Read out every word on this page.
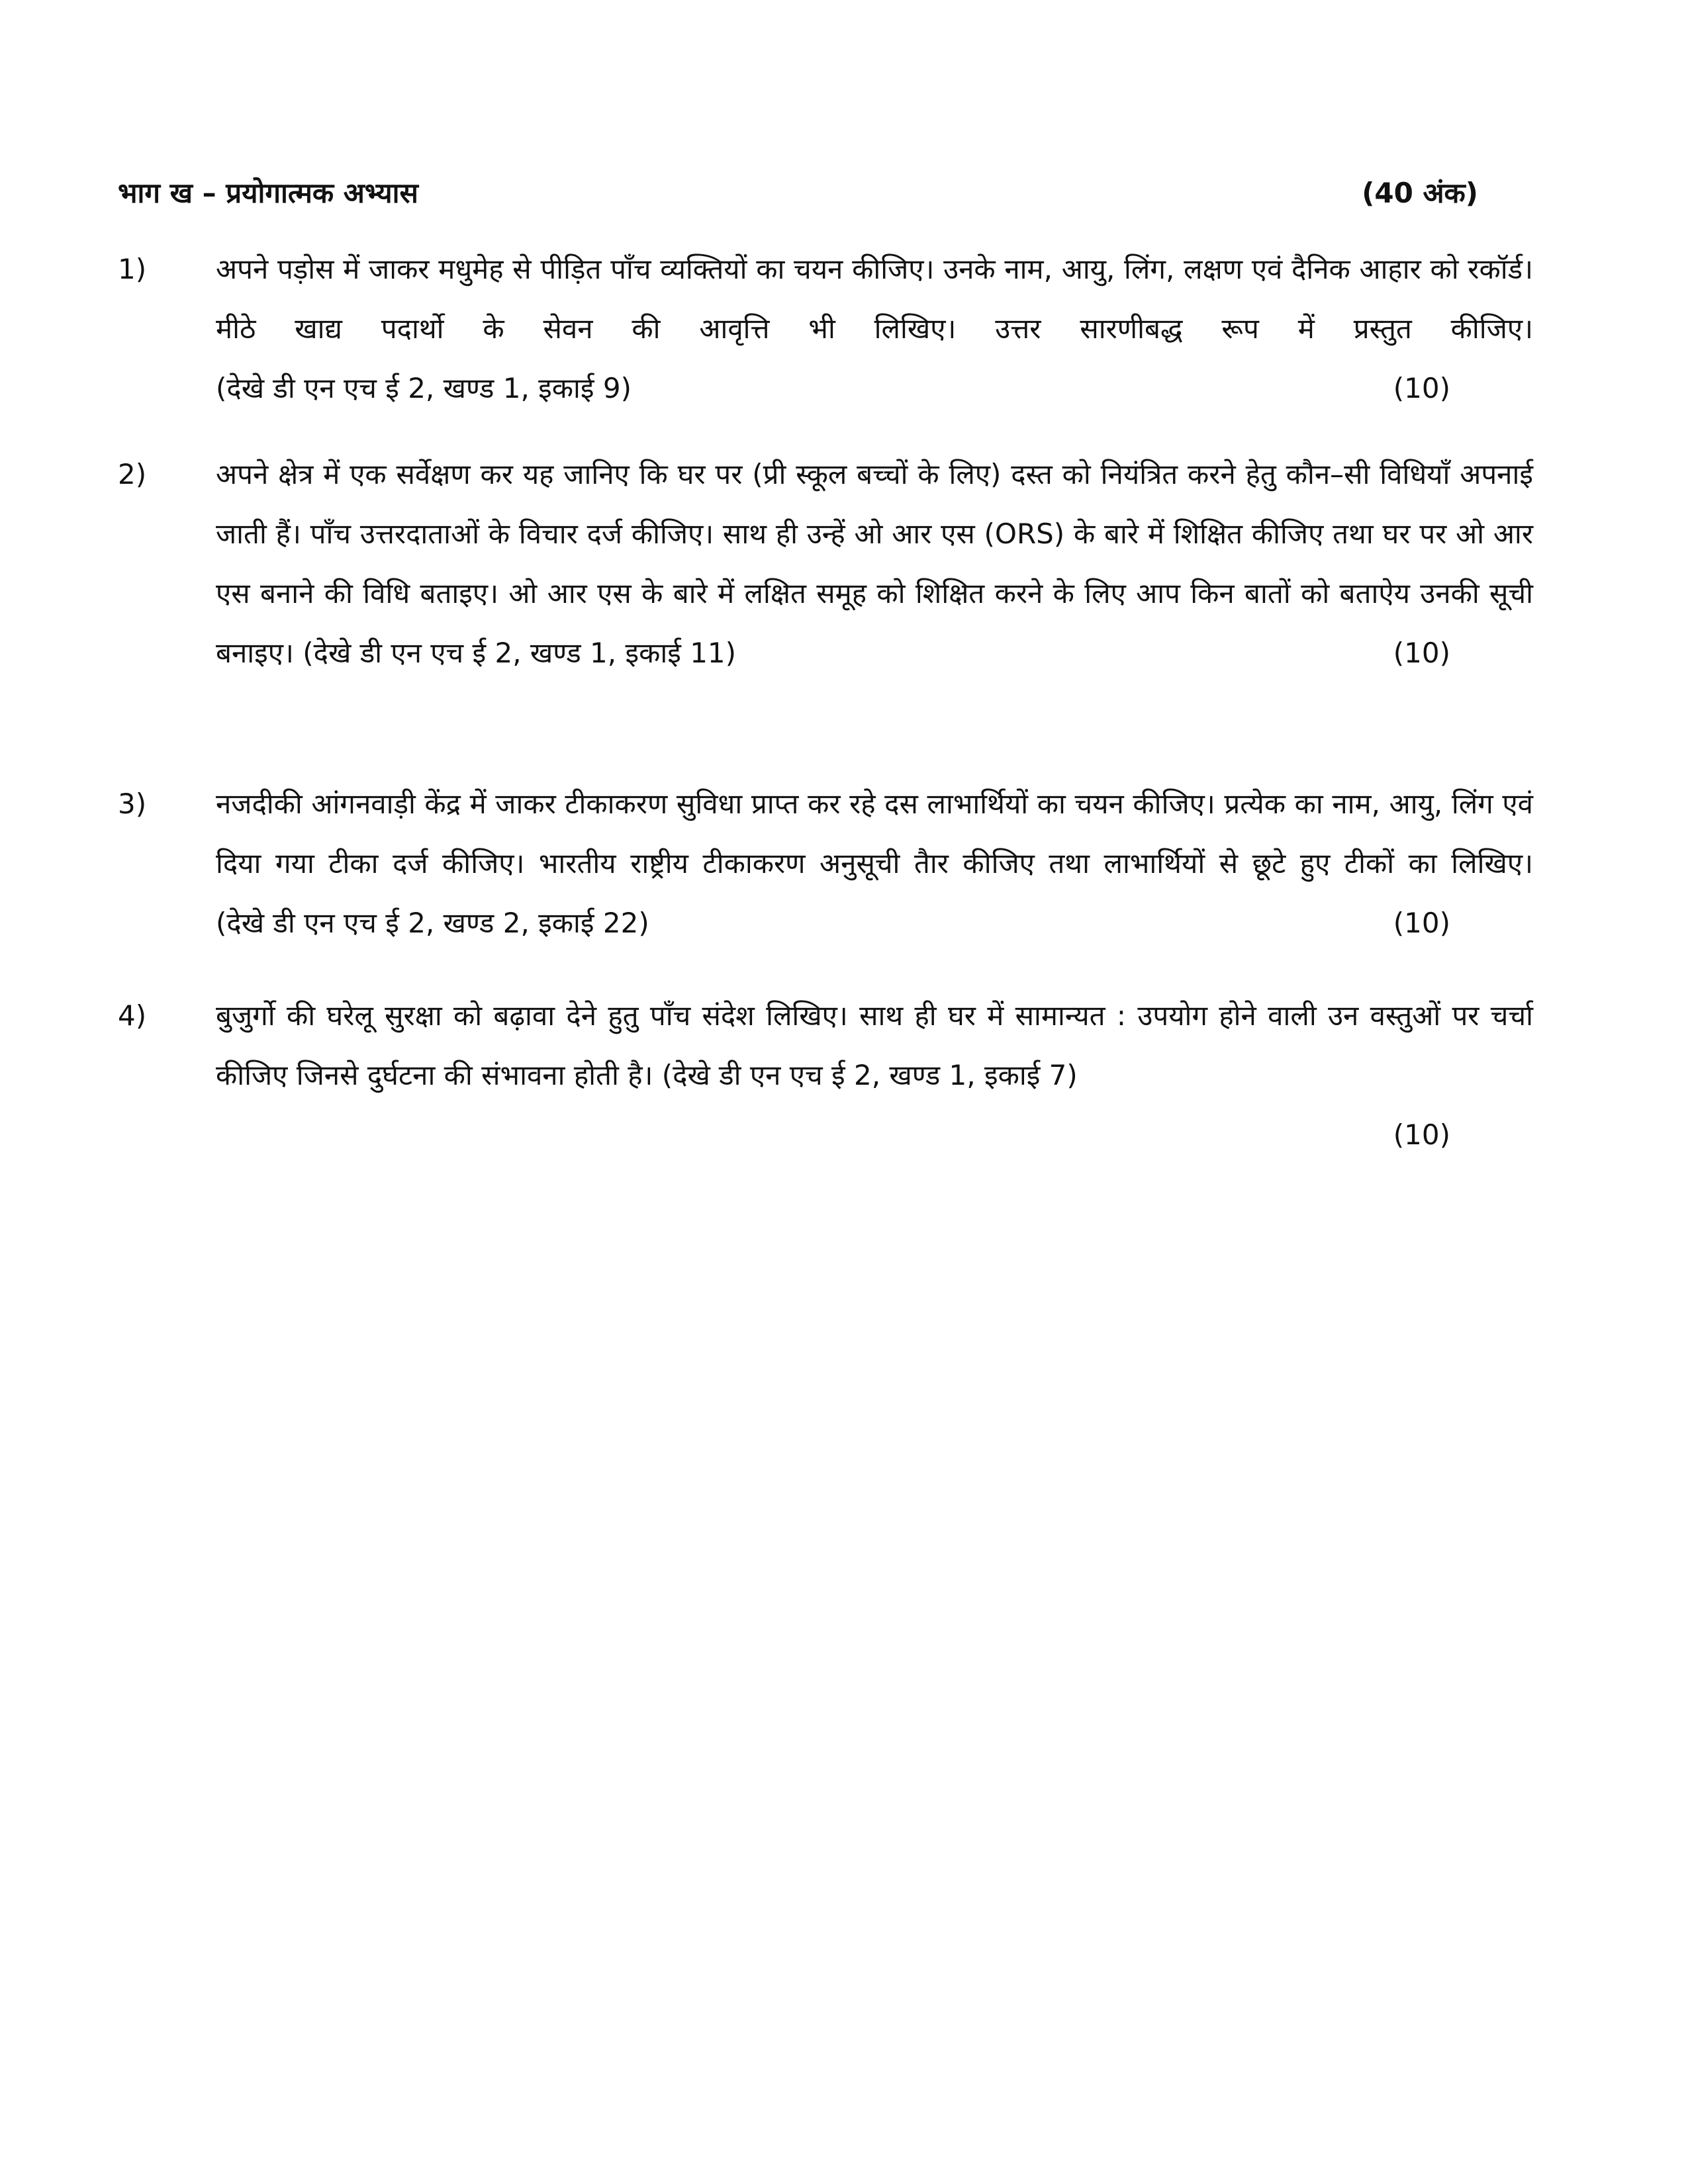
भाग ख – प्रयोगात्मक अभ्यास	(40 अंक)
1) अपने पड़ोस में जाकर मधुमेह से पीड़ित पाँच व्यक्तियों का चयन कीजिए। उनके नाम, आयु, लिंग, लक्षण एवं दैनिक आहार को रकॉर्ड। मीठे खाद्य पदार्थो के सेवन की आवृत्ति भी लिखिए। उत्तर सारणीबद्ध रूप में प्रस्तुत कीजिए। (देखे डी एन एच ई 2, खण्ड 1, इकाई 9)	(10)
2) अपने क्षेत्र में एक सर्वेक्षण कर यह जानिए कि घर पर (प्री स्कूल बच्चों के लिए) दस्त को नियंत्रित करने हेतु कौन–सी विधियाँ अपनाई जाती हैं। पाँच उत्तरदाताओं के विचार दर्ज कीजिए। साथ ही उन्हें ओ आर एस (ORS) के बारे में शिक्षित कीजिए तथा घर पर ओ आर एस बनाने की विधि बताइए। ओ आर एस के बारे में लक्षित समूह को शिक्षित करने के लिए आप किन बातों को बताऐय उनकी सूची बनाइए। (देखे डी एन एच ई 2, खण्ड 1, इकाई 11)	(10)
3) नजदीकी आंगनवाड़ी केंद्र में जाकर टीकाकरण सुविधा प्राप्त कर रहे दस लाभार्थियों का चयन कीजिए। प्रत्येक का नाम, आयु, लिंग एवं दिया गया टीका दर्ज कीजिए। भारतीय राष्ट्रीय टीकाकरण अनुसूची तैार कीजिए तथा लाभार्थियों से छूटे हुए टीकों का लिखिए। (देखे डी एन एच ई 2, खण्ड 2, इकाई 22)	(10)
4) बुजुर्गो की घरेलू सुरक्षा को बढ़ावा देने हुतु पाँच संदेश लिखिए। साथ ही घर में सामान्यत : उपयोग होने वाली उन वस्तुओं पर चर्चा कीजिए जिनसे दुर्घटना की संभावना होती है। (देखे डी एन एच ई 2, खण्ड 1, इकाई 7)
(10)
